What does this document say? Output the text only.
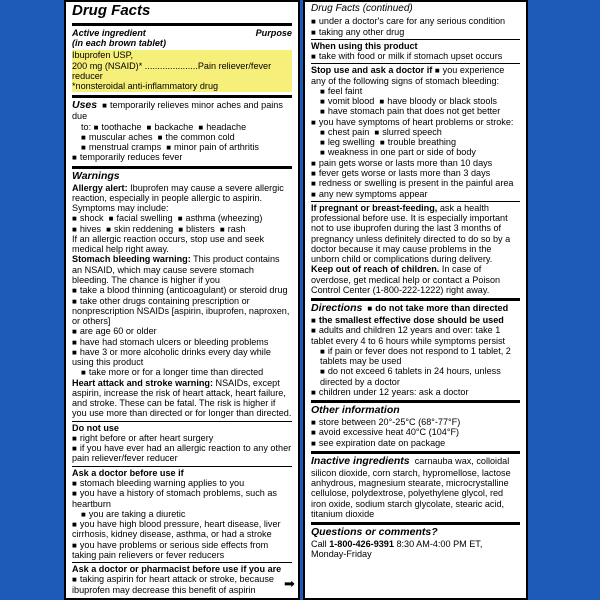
Drug Facts
Active ingredient
(in each brown tablet)
Purpose

Ibuprofen USP,

200 mg (NSAID)* .....................Pain reliever/fever reducer

*nonsteroidal anti-inflammatory drug

Uses ■ temporarily relieves minor aches and pains due

to: ■ toothache ■ backache ■ headache

■ muscular aches ■ the common cold

■ menstrual cramps ■ minor pain of arthritis

■ temporarily reduces fever

Warnings

Allergy alert: Ibuprofen may cause a severe allergic reaction, especially in people allergic to aspirin. Symptoms may include:

■ shock ■ facial swelling ■ asthma (wheezing)

■ hives ■ skin reddening ■ blisters ■ rash

If an allergic reaction occurs, stop use and seek medical help right away.

Stomach bleeding warning: This product contains an NSAID, which may cause severe stomach bleeding. The chance is higher if you

■ take a blood thinning (anticoagulant) or steroid drug

■ take other drugs containing prescription or nonprescription NSAIDs [aspirin, ibuprofen, naproxen, or others]

■ are age 60 or older

■ have had stomach ulcers or bleeding problems

■ have 3 or more alcoholic drinks every day while using this product

■ take more or for a longer time than directed

Heart attack and stroke warning: NSAIDs, except aspirin, increase the risk of heart attack, heart failure, and stroke. These can be fatal. The risk is higher if you use more than directed or for longer than directed.

Do not use

■ right before or after heart surgery

■ if you have ever had an allergic reaction to any other pain reliever/fever reducer

Ask a doctor before use if

■ stomach bleeding warning applies to you

■ you have a history of stomach problems, such as heartburn

■ you are taking a diuretic

■ you have high blood pressure, heart disease, liver cirrhosis, kidney disease, asthma, or had a stroke

■ you have problems or serious side effects from taking pain relievers or fever reducers

Ask a doctor or pharmacist before use if you are

■ taking aspirin for heart attack or stroke, because ibuprofen may decrease this benefit of aspirin	➡
Drug Facts (continued)

■ under a doctor's care for any serious condition

■ taking any other drug

When using this product

■ take with food or milk if stomach upset occurs

Stop use and ask a doctor if ■ you experience any of the following signs of stomach bleeding:

■ feel faint

■ vomit blood ■ have bloody or black stools

■ have stomach pain that does not get better

■ you have symptoms of heart problems or stroke:

■ chest pain ■ slurred speech

■ leg swelling ■ trouble breathing

■ weakness in one part or side of body

■ pain gets worse or lasts more than 10 days

■ fever gets worse or lasts more than 3 days

■ redness or swelling is present in the painful area

■ any new symptoms appear

If pregnant or breast-feeding, ask a health professional before use. It is especially important not to use ibuprofen during the last 3 months of pregnancy unless definitely directed to do so by a doctor because it may cause problems in the unborn child or complications during delivery.

Keep out of reach of children. In case of overdose, get medical help or contact a Poison Control Center (1-800-222-1222) right away.

Directions ■ do not take more than directed

■ the smallest effective dose should be used

■ adults and children 12 years and over: take 1 tablet every 4 to 6 hours while symptoms persist

■ if pain or fever does not respond to 1 tablet, 2 tablets may be used

■ do not exceed 6 tablets in 24 hours, unless directed by a doctor

■ children under 12 years: ask a doctor

Other information

■ store between 20°-25°C (68°-77°F)

■ avoid excessive heat 40°C (104°F)

■ see expiration date on package

Inactive ingredients carnauba wax, colloidal silicon dioxide, corn starch, hypromellose, lactose anhydrous, magnesium stearate, microcrystalline cellulose, polydextrose, polyethylene glycol, red iron oxide, sodium starch glycolate, stearic acid, titanium dioxide

Questions or comments?

Call 1-800-426-9391 8:30 AM-4:00 PM ET, Monday-Friday
